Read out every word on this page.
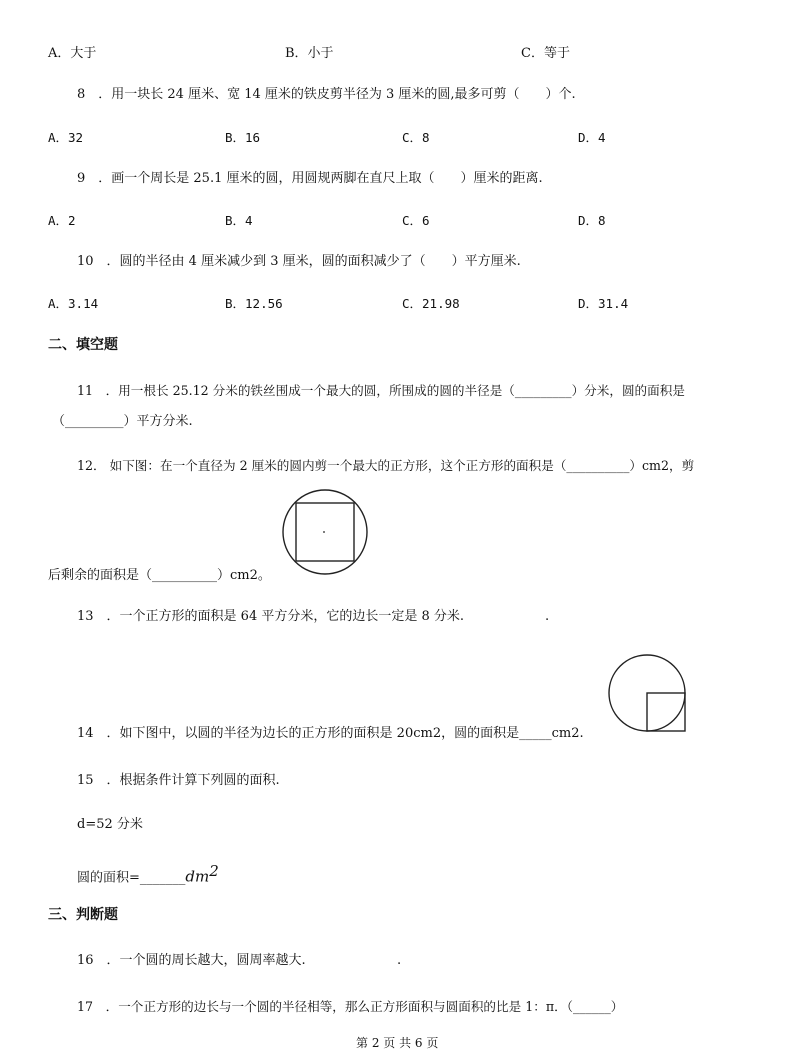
A．大于	B．小于	C．等于
8　．用一块长 24 厘米、宽 14 厘米的铁皮剪半径为 3 厘米的圆,最多可剪（　　）个.
A．32	B．16	C．8	D．4
9　．画一个周长是 25.1 厘米的圆，用圆规两脚在直尺上取（　　）厘米的距离.
A．2	B．4	C．6	D．8
10　．圆的半径由 4 厘米减少到 3 厘米，圆的面积减少了（　　）平方厘米.
A．3.14	B．12.56	C．21.98	D．31.4
二、填空题
11　．用一根长 25.12 分米的铁丝围成一个最大的圆，所围成的圆的半径是（_________）分米，圆的面积是
（_________）平方分米.
12． 如下图：在一个直径为 2 厘米的圆内剪一个最大的正方形，这个正方形的面积是（__________）cm2，剪
后剩余的面积是（__________）cm2。
13　．一个正方形的面积是 64 平方分米，它的边长一定是 8 分米.	.
14　．如下图中，以圆的半径为边长的正方形的面积是 20cm2，圆的面积是_____cm2.
15　．根据条件计算下列圆的面积.
d=52 分米
圆的面积$=\_\_\_\_\_\_\_dm^2$
三、判断题
16　．一个圆的周长越大，圆周率越大.	.
17　．一个正方形的边长与一个圆的半径相等，那么正方形面积与圆面积的比是 1：π．（______）
第 2 页 共 6 页
